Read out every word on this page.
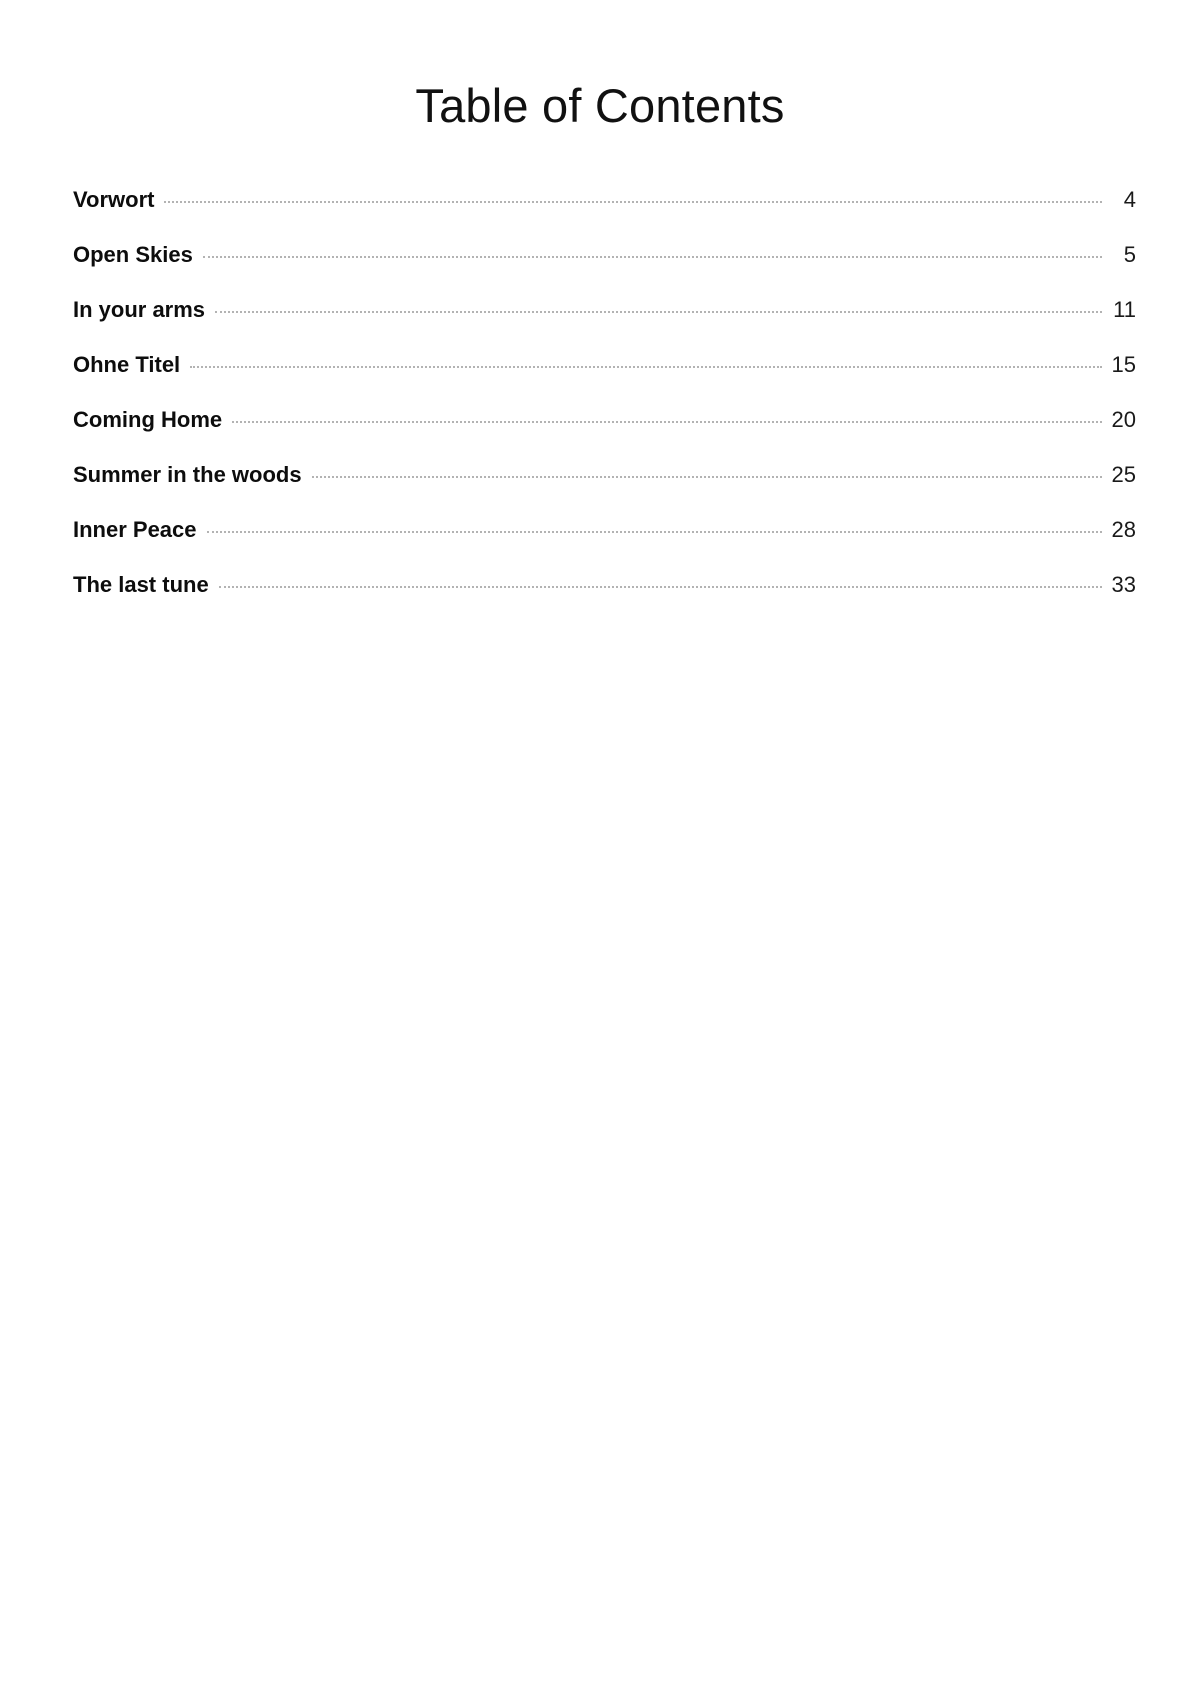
Table of Contents
Vorwort	4
Open Skies	5
In your arms	11
Ohne Titel	15
Coming Home	20
Summer in the woods	25
Inner Peace	28
The last tune	33
